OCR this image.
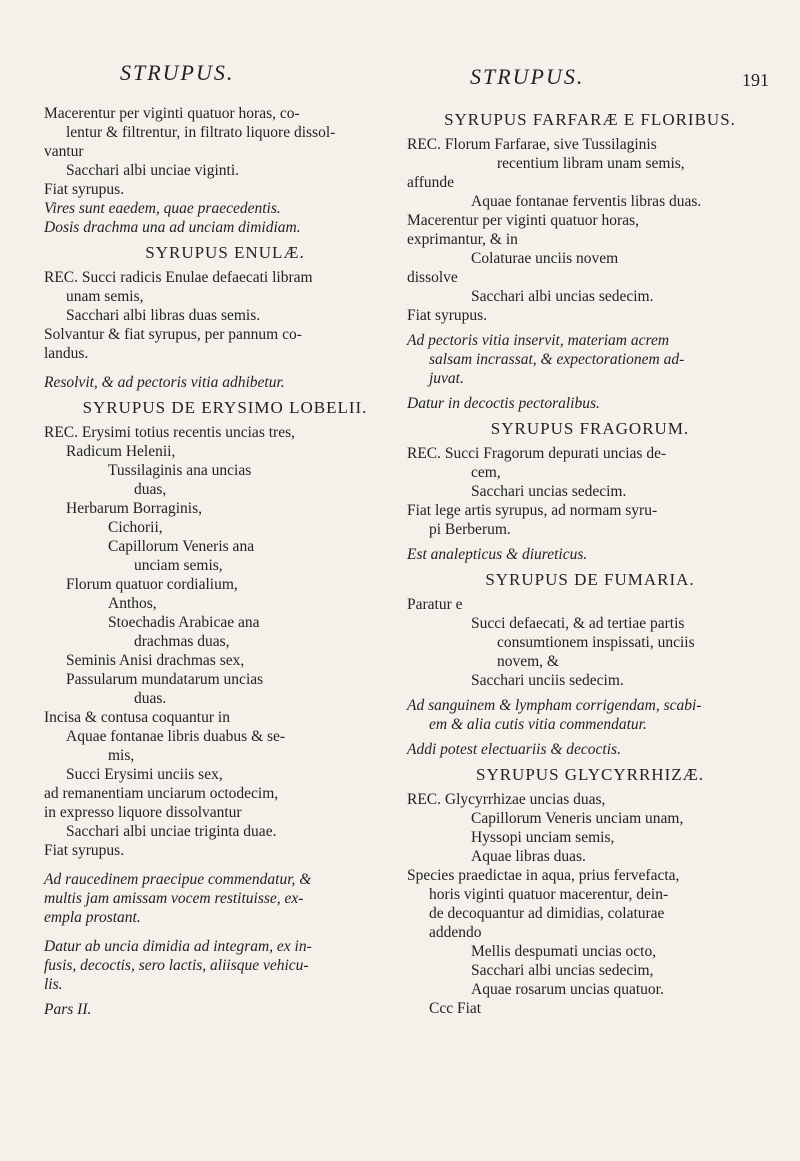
STRUPUS.	STRUPUS.	191
Macerentur per viginti quatuor horas, co-
lentur & filtrentur, in filtrato liquore dissol-
vantur
Sacchari albi unciae viginti.
Fiat syrupus.
Vires sunt eaedem, quae praecedentis.
Dosis drachma una ad unciam dimidiam.
SYRUPUS ENULÆ.
REC. Succi radicis Enulae defaecati libram
unam semis,
Sacchari albi libras duas semis.
Solvantur & fiat syrupus, per pannum co-
landus.
Resolvit, & ad pectoris vitia adhibetur.
SYRUPUS DE ERYSIMO LOBELII.
REC. Erysimi totius recentis uncias tres,
Radicum Helenii,
Tussilaginis ana uncias
duas,
Herbarum Borraginis,
Cichorii,
Capillorum Veneris ana
unciam semis,
Florum quatuor cordialium,
Anthos,
Stoechadis Arabicae ana
drachmas duas,
Seminis Anisi drachmas sex,
Passularum mundatarum uncias
duas.
Incisa & contusa coquantur in
Aquae fontanae libris duabus & se-
mis,
Succi Erysimi unciis sex,
ad remanentiam unciarum octodecim,
in expresso liquore dissolvantur
Sacchari albi unciae triginta duae.
Fiat syrupus.
Ad raucedinem praecipue commendatur, &
multis jam amissam vocem restituisse, ex-
empla prostant.
Datur ab uncia dimidia ad integram, ex in-
fusis, decoctis, sero lactis, aliisque vehicu-
lis.
Pars II.
SYRUPUS FARFARÆ E FLORIBUS.
REC. Florum Farfarae, sive Tussilaginis
recentium libram unam semis,
affunde
Aquae fontanae ferventis libras duas.
Macerentur per viginti quatuor horas,
exprimantur, & in
Colaturae unciis novem
dissolve
Sacchari albi uncias sedecim.
Fiat syrupus.
Ad pectoris vitia inservit, materiam acrem
salsam incrassat, & expectorationem ad-
juvat.
Datur in decoctis pectoralibus.
SYRUPUS FRAGORUM.
REC. Succi Fragorum depurati uncias de-
cem,
Sacchari uncias sedecim.
Fiat lege artis syrupus, ad normam syru-
pi Berberum.
Est analepticus & diureticus.
SYRUPUS DE FUMARIA.
Paratur e
Succi defaecati, & ad tertiae partis
consumtionem inspissati, unciis
novem, &
Sacchari unciis sedecim.
Ad sanguinem & lympham corrigendam, scabi-
em & alia cutis vitia commendatur.
Addi potest electuariis & decoctis.
SYRUPUS GLYCYRRHIZÆ.
REC. Glycyrrhizae uncias duas,
Capillorum Veneris unciam unam,
Hyssopi unciam semis,
Aquae libras duas.
Species praedictae in aqua, prius fervefacta,
horis viginti quatuor macerentur, dein-
de decoquantur ad dimidias, colaturae
addendo
Mellis despumati uncias octo,
Sacchari albi uncias sedecim,
Aquae rosarum uncias quatuor.
Ccc Fiat
